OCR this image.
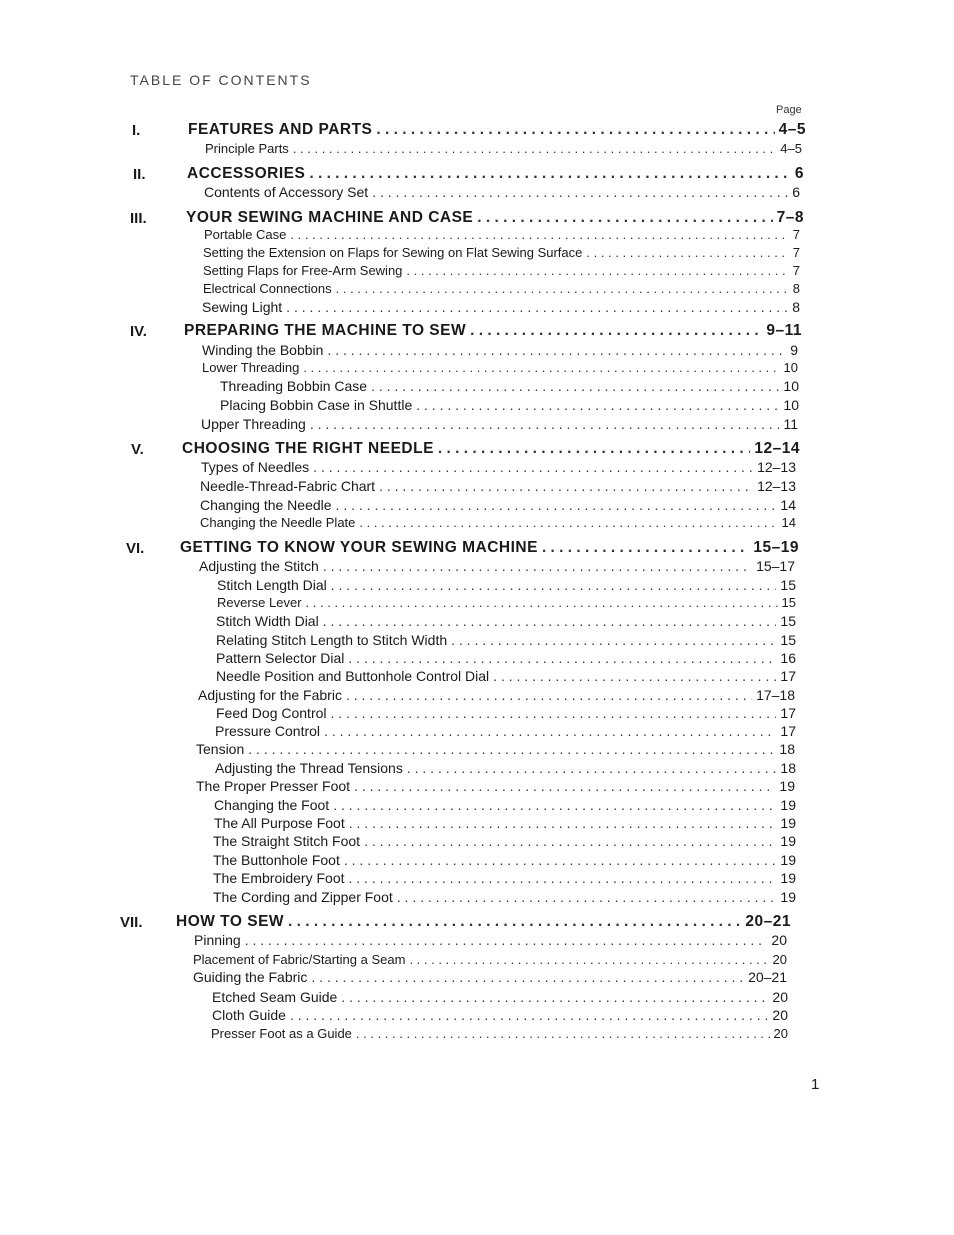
TABLE OF CONTENTS
Page
I.	FEATURES AND PARTS . . .	4–5
Principle Parts . . .	4–5
II.	ACCESSORIES . . .	6
Contents of Accessory Set . . .	6
III.	YOUR SEWING MACHINE AND CASE . . .	7–8
Portable Case . . .	7
Setting the Extension on Flaps for Sewing on Flat Sewing Surface . . .	7
Setting Flaps for Free-Arm Sewing . . .	7
Electrical Connections . . .	8
Sewing Light . . .	8
IV. PREPARING THE MACHINE TO SEW . . .	9–11
Winding the Bobbin . . .	9
Lower Threading . . .	10
Threading Bobbin Case . . .	10
Placing Bobbin Case in Shuttle . . .	10
Upper Threading . . .	11
V. CHOOSING THE RIGHT NEEDLE . . .	12–14
Types of Needles . . .	12–13
Needle-Thread-Fabric Chart . . .	12–13
Changing the Needle . . .	14
Changing the Needle Plate . . .	14
VI. GETTING TO KNOW YOUR SEWING MACHINE . . .	15–19
Adjusting the Stitch . . .	15–17
Stitch Length Dial . . .	15
Reverse Lever . . .	15
Stitch Width Dial . . .	15
Relating Stitch Length to Stitch Width . . .	15
Pattern Selector Dial . . .	16
Needle Position and Buttonhole Control Dial . . .	17
Adjusting for the Fabric . . .	17–18
Feed Dog Control . . .	17
Pressure Control . . .	17
Tension . . .	18
Adjusting the Thread Tensions . . .	18
The Proper Presser Foot . . .	19
Changing the Foot . . .	19
The All Purpose Foot . . .	19
The Straight Stitch Foot . . .	19
The Buttonhole Foot . . .	19
The Embroidery Foot . . .	19
The Cording and Zipper Foot . . .	19
VII. HOW TO SEW . . .	20–21
Pinning . . .	20
Placement of Fabric/Starting a Seam . . .	20
Guiding the Fabric . . .	20–21
Etched Seam Guide . . .	20
Cloth Guide . . .	20
Presser Foot as a Guide . . .	20
1
